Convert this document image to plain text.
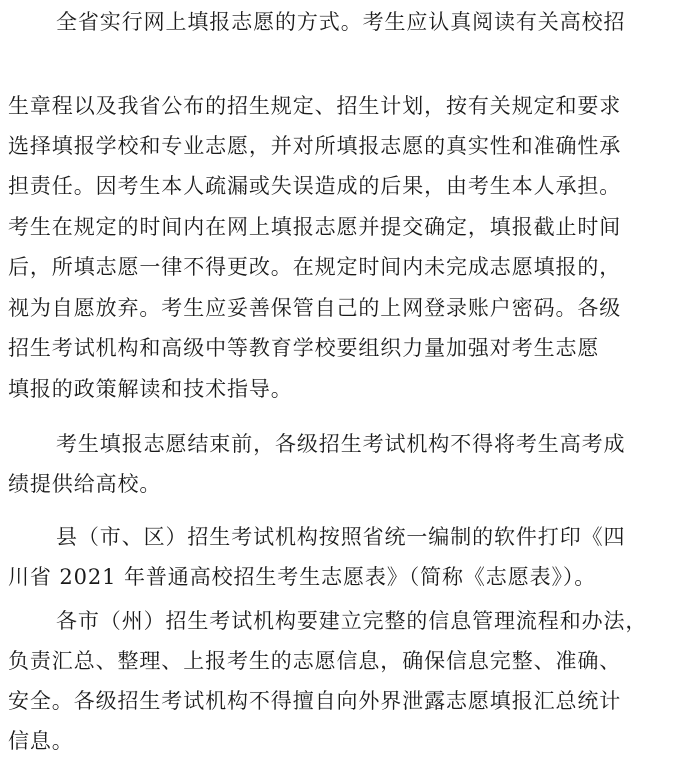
全省实行网上填报志愿的方式。考生应认真阅读有关高校招
生章程以及我省公布的招生规定、招生计划，按有关规定和要求
选择填报学校和专业志愿，并对所填报志愿的真实性和准确性承
担责任。因考生本人疏漏或失误造成的后果，由考生本人承担。
考生在规定的时间内在网上填报志愿并提交确定，填报截止时间
后，所填志愿一律不得更改。在规定时间内未完成志愿填报的，
视为自愿放弃。考生应妥善保管自己的上网登录账户密码。各级
招生考试机构和高级中等教育学校要组织力量加强对考生志愿
填报的政策解读和技术指导。
考生填报志愿结束前，各级招生考试机构不得将考生高考成
绩提供给高校。
县（市、区）招生考试机构按照省统一编制的软件打印《四
川省 2021 年普通高校招生考生志愿表》（简称《志愿表》）。
各市（州）招生考试机构要建立完整的信息管理流程和办法，
负责汇总、整理、上报考生的志愿信息，确保信息完整、准确、
安全。各级招生考试机构不得擅自向外界泄露志愿填报汇总统计
信息。
